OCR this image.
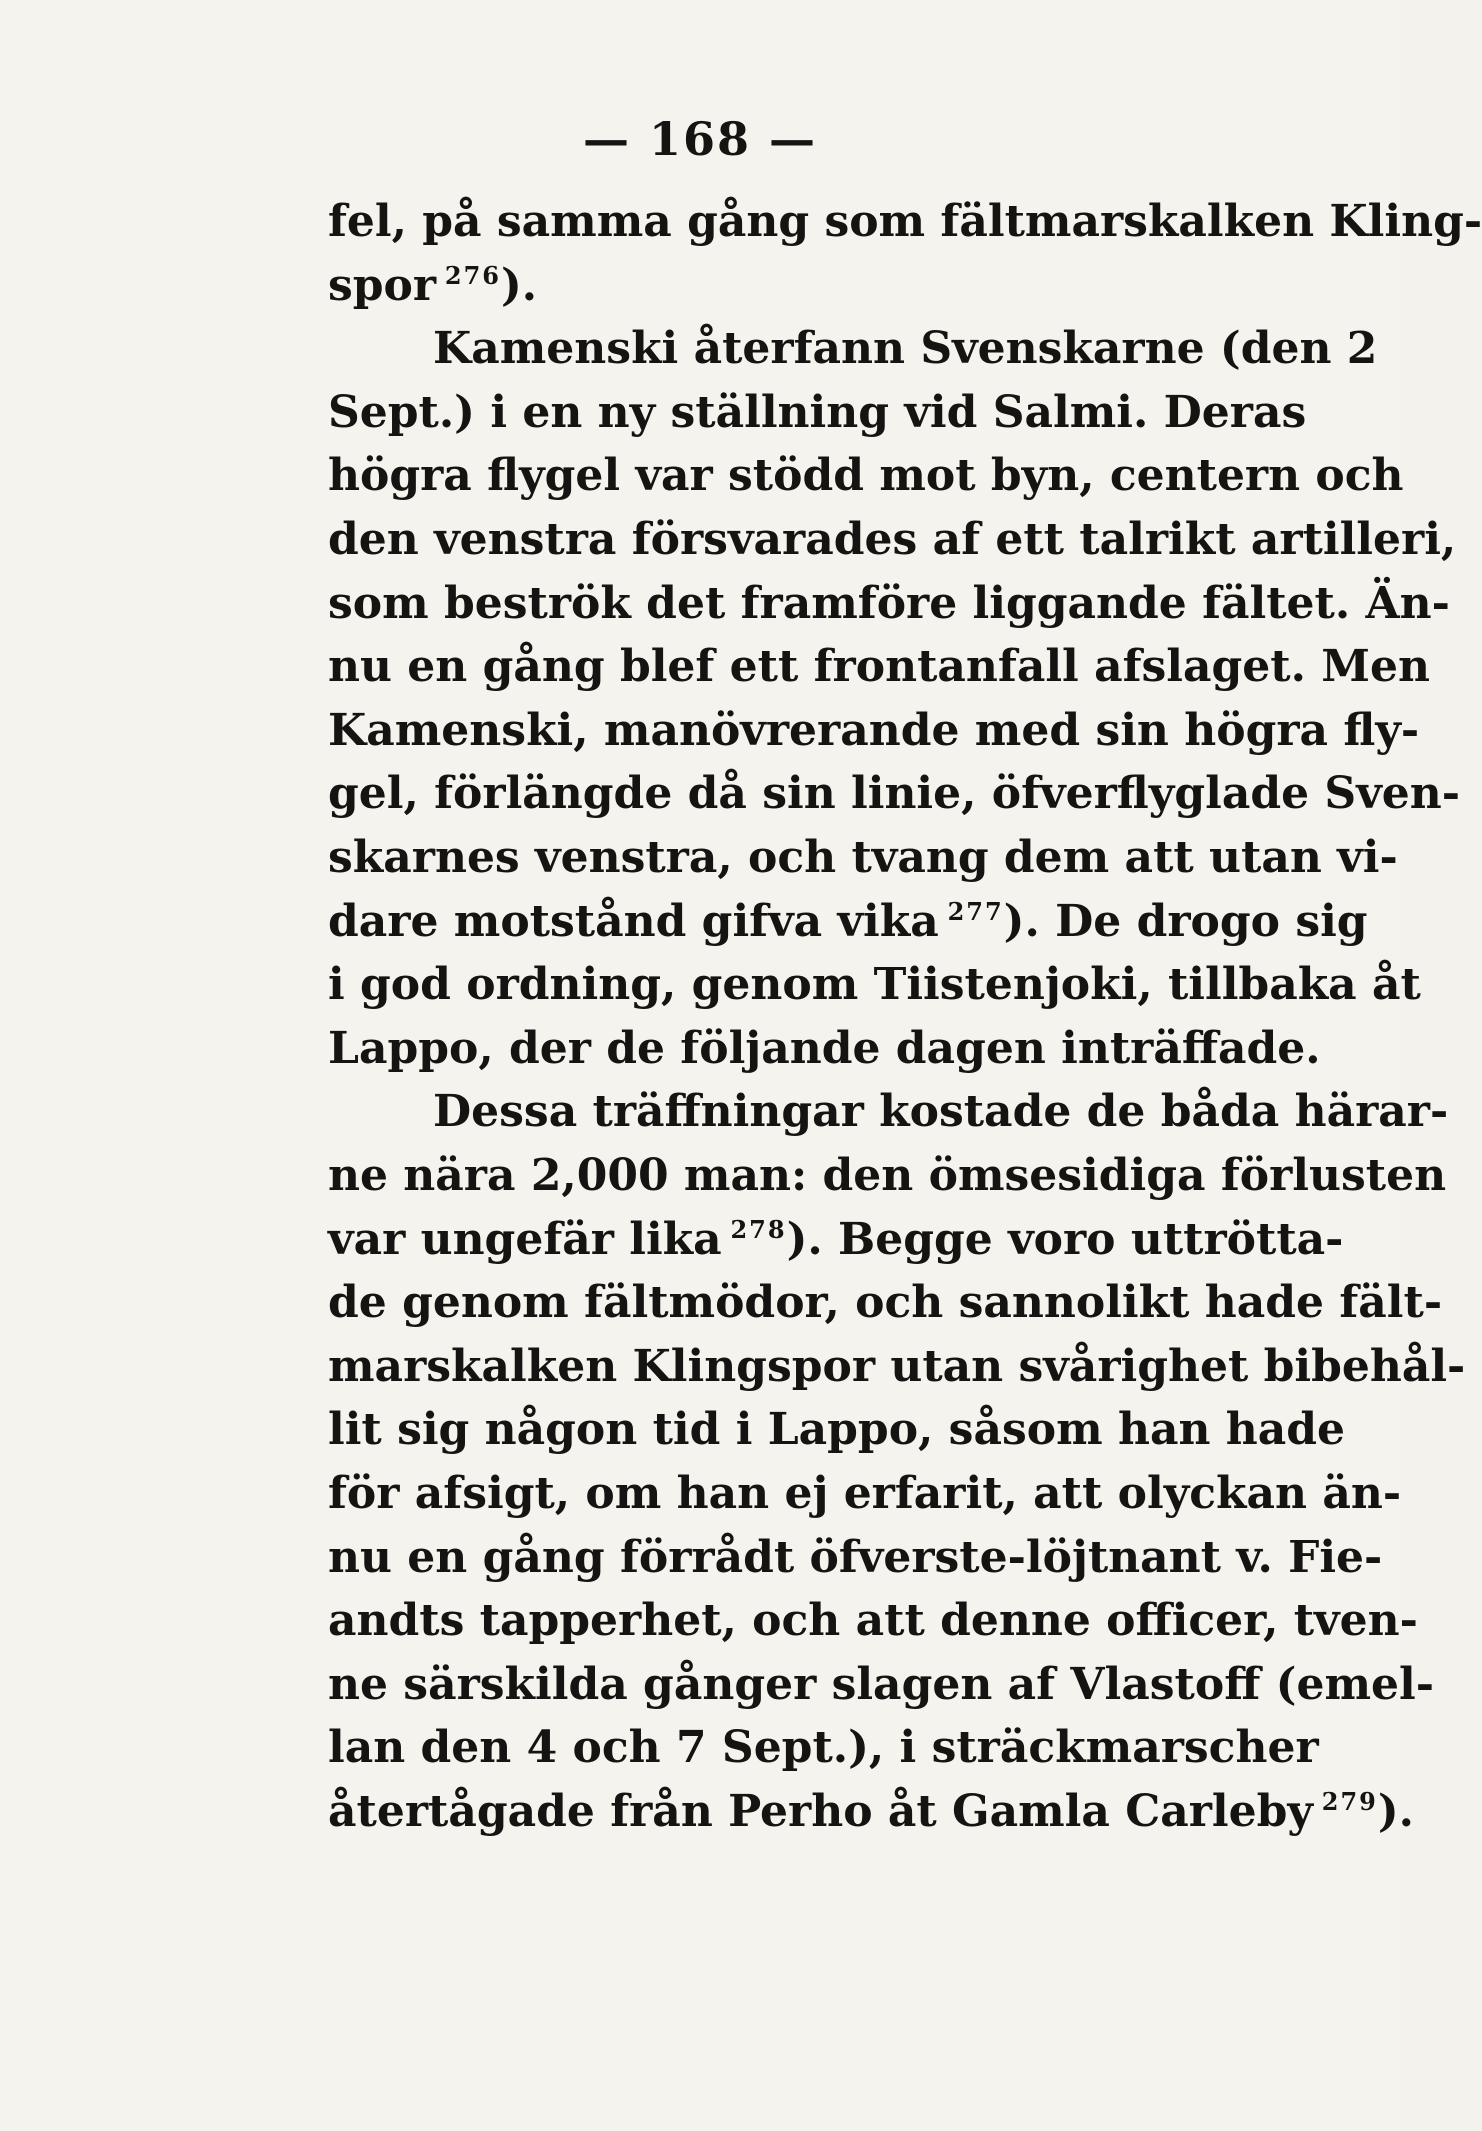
— 168 —
fel, på samma gång som fältmarskalken Kling-
spor  $^{276}$).
Kamenski återfann Svenskarne (den 2
Sept.) i en ny ställning vid Salmi. Deras
högra flygel var stödd mot byn, centern och
den venstra försvarades af ett talrikt artilleri,
som beströk det framföre liggande fältet. Än-
nu en gång blef ett frontanfall afslaget. Men
Kamenski, manövrerande med sin högra fly-
gel, förlängde då sin linie, öfverflyglade Sven-
skarnes venstra, och tvang dem att utan vi-
dare motstånd gifva vika  $^{277}$). De drogo sig
i god ordning, genom Tiistenjoki, tillbaka åt
Lappo, der de följande dagen inträffade.
Dessa träffningar kostade de båda härar-
ne nära 2,000 man: den ömsesidiga förlusten
var ungefär lika  $^{278}$). Begge voro uttrötta-
de genom fältmödor, och sannolikt hade fält-
marskalken Klingspor utan svårighet bibehål-
lit sig någon tid i Lappo, såsom han hade
för afsigt, om han ej erfarit, att olyckan än-
nu en gång förrådt öfverste-löjtnant v. Fie-
andts tapperhet, och att denne officer, tven-
ne särskilda gånger slagen af Vlastoff (emel-
lan den 4 och 7 Sept.), i sträckmarscher
återtågade från Perho åt Gamla Carleby  $^{279}$).
